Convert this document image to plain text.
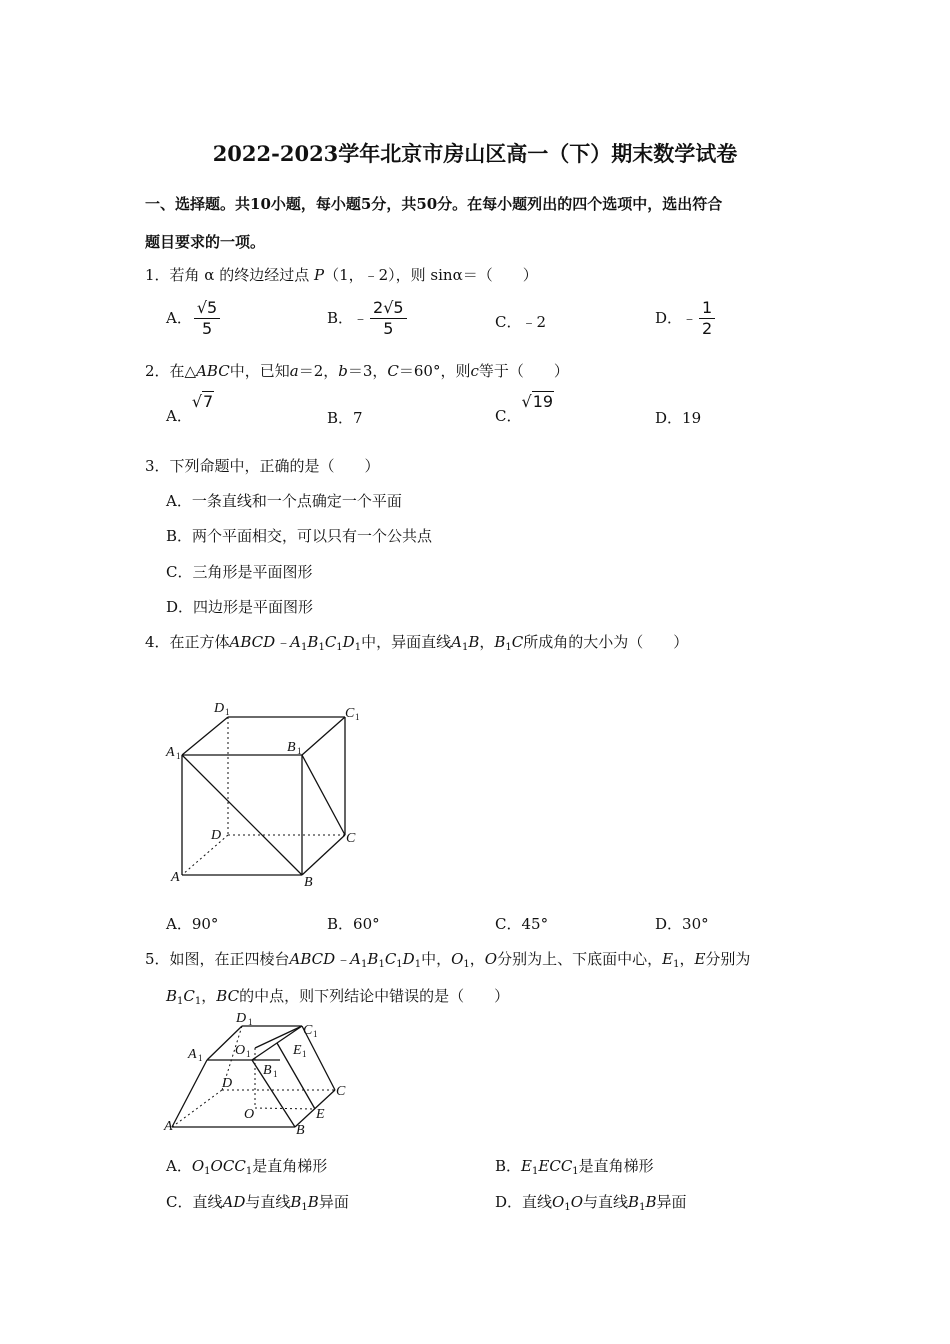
2022-2023学年北京市房山区高一（下）期末数学试卷
一、选择题。共10小题，每小题5分，共50分。在每小题列出的四个选项中，选出符合
题目要求的一项。
1．若角 α 的终边经过点 P（1，﹣2），则 sinα＝（　　）
A． $\frac{√5}{5}$	B．﹣ $\frac{2√5}{5}$	C．﹣2	D．﹣ $\frac{1}{2}$
2．在△ABC中，已知a＝2，b＝3，C＝60°，则c等于（　　）
A．√7
B．7	C．√19
D．19
3．下列命题中，正确的是（　　）
A．一条直线和一个点确定一个平面
B．两个平面相交，可以只有一个公共点
C．三角形是平面图形
D．四边形是平面图形
4．在正方体$ABCD﹣A_1B_1C_1D_1$中，异面直线$A_1B$，$B_1C$所成角的大小为（　　）
D 1	C 1
A 1
B 1
D	C
A	B
A．90°	B．60°	C．45°	D．30°
5．如图，在正四棱台$ABCD﹣A_1B_1C_1D_1$中，$O_1$，O分别为上、下底面中心，$E_1$，E分别为
$B_1C_1$，BC的中点，则下列结论中错误的是（　　）
D 1
C 1
A 1 O 1	E 1
B 1
D
C
O	E
A	B
A．$O_1OCC_1$是直角梯形	B．$E_1ECC_1$是直角梯形
C．直线AD与直线$B_1B$异面	D．直线$O_1O$与直线$B_1B$异面
